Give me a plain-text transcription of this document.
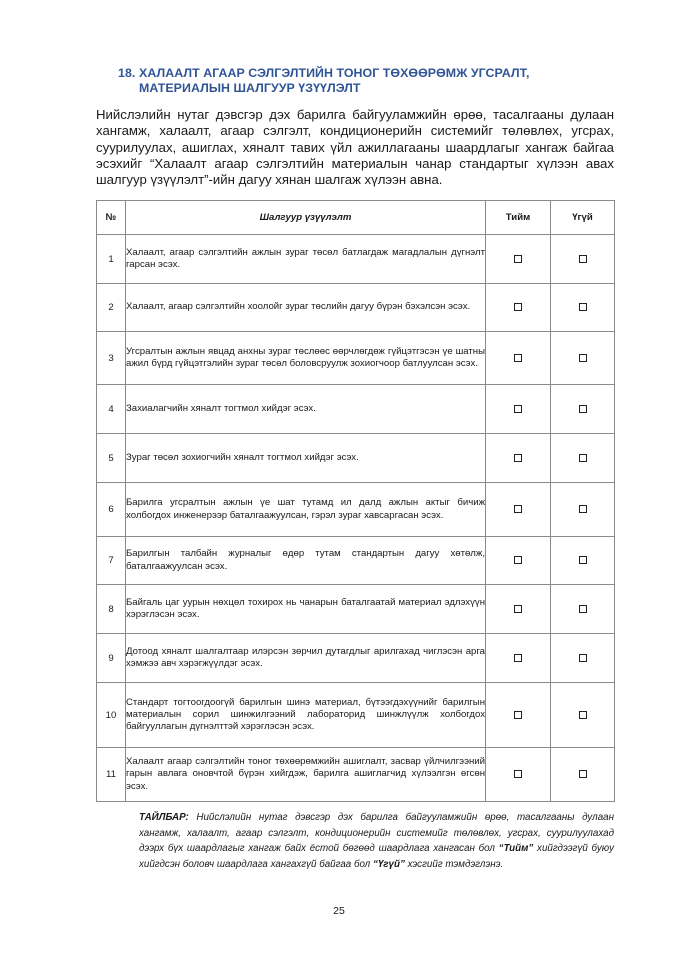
18. ХАЛААЛТ АГААР СЭЛГЭЛТИЙН ТОНОГ ТӨХӨӨРӨМЖ УГСРАЛТ,
МАТЕРИАЛЫН ШАЛГУУР ҮЗҮҮЛЭЛТ
Нийслэлийн нутаг дэвсгэр дэх барилга байгууламжийн өрөө, тасалгааны дулаан хангамж, халаалт, агаар сэлгэлт, кондиционерийн системийг төлөвлөх, угсрах, суурилуулах, ашиглах, хяналт тавих үйл ажиллагааны шаардлагыг хангаж байгаа эсэхийг “Халаалт агаар сэлгэлтийн материалын чанар стандартыг хүлээн авах шалгуур үзүүлэлт”-ийн дагуу хянан шалгаж хүлээн авна.
№	Шалгуур үзүүлэлт	Тийм	Үгүй
1	Халаалт, агаар сэлгэлтийн ажлын зураг төсөл батлагдаж магадлалын дүгнэлт гарсан эсэх.		
2	Халаалт, агаар сэлгэлтийн хоолойг зураг төслийн дагуу бүрэн бэхэлсэн эсэх.		
3	Угсралтын ажлын явцад анхны зураг төслөөс өөрчлөгдөж гүйцэтгэсэн үе шатны ажил бүрд гүйцэтгэлийн зураг төсөл боловсруулж зохиогчоор батлуулсан эсэх.		
4	Захиалагчийн хяналт тогтмол хийдэг эсэх.		
5	Зураг төсөл зохиогчийн хяналт тогтмол хийдэг эсэх.		
6	Барилга угсралтын ажлын үе шат тутамд ил далд ажлын актыг бичиж холбогдох инженерээр баталгаажуулсан, гэрэл зураг хавсаргасан эсэх.		
7	Барилгын талбайн журналыг өдөр тутам стандартын дагуу хөтөлж, баталгаажуулсан эсэх.		
8	Байгаль цаг уурын нөхцөл тохирох нь чанарын баталгаатай материал эдлэхүүн хэрэглэсэн эсэх.		
9	Дотоод хяналт шалгалтаар илэрсэн зөрчил дутагдлыг арилгахад чиглэсэн арга хэмжээ авч хэрэгжүүлдэг эсэх.		
10	Стандарт тогтоогдоогүй барилгын шинэ материал, бүтээгдэхүүнийг барилгын материалын сорил шинжилгээний лабораторид шинжлүүлж холбогдох байгууллагын дүгнэлттэй хэрэглэсэн эсэх.		
11	Халаалт агаар сэлгэлтийн тоног төхөөрөмжийн ашиглалт, засвар үйлчилгээний гарын авлага оновчтой бүрэн хийгдэж, барилга ашиглагчид хүлээлгэн өгсөн эсэх.		
ТАЙЛБАР: Нийслэлийн нутаг дэвсгэр дэх барилга байгууламжийн өрөө, тасалгааны дулаан хангамж, халаалт, агаар сэлгэлт, кондиционерийн системийг төлөвлөх, угсрах, суурилуулахад дээрх бүх шаардлагыг хангаж байх ёстой бөгөөд шаардлага хангасан бол “Тийм” хийгдээгүй буюу хийгдсэн боловч шаардлага хангахгүй байгаа бол “Үгүй” хэсгийг тэмдэглэнэ.
25
